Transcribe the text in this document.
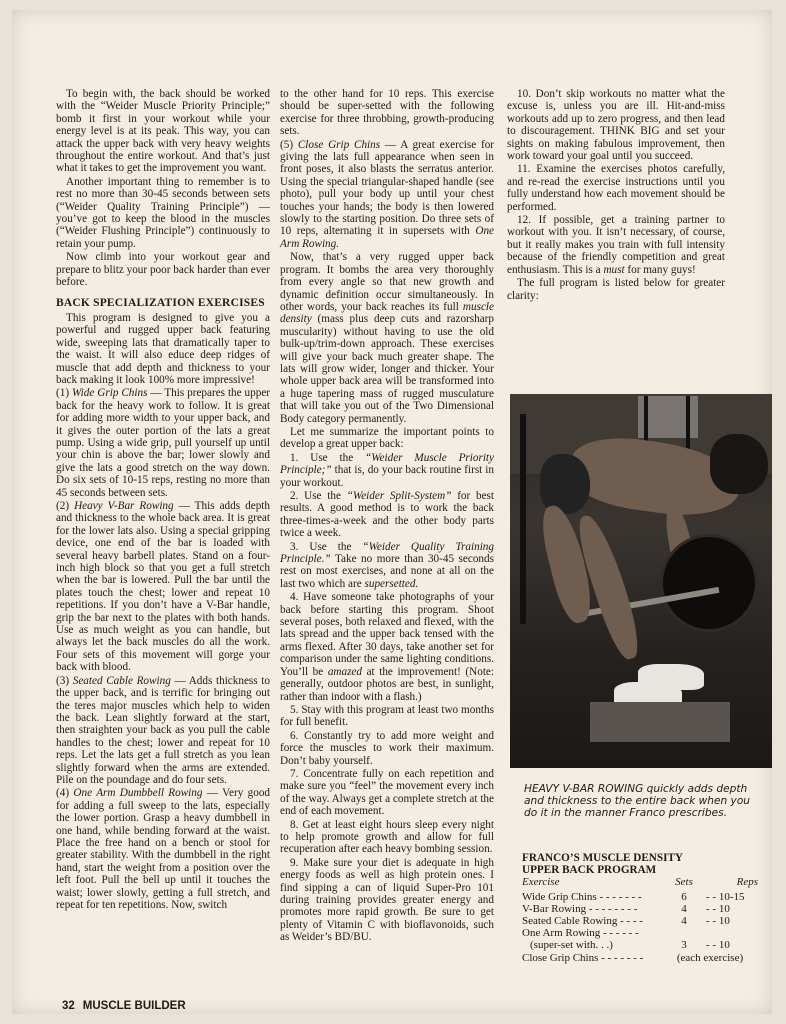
To begin with, the back should be worked with the “Weider Muscle Priority Principle;” bomb it first in your workout while your energy level is at its peak. This way, you can attack the upper back with very heavy weights throughout the entire workout. And that’s just what it takes to get the improvement you want.

Another important thing to remember is to rest no more than 30-45 seconds between sets (“Weider Quality Training Principle”) — you’ve got to keep the blood in the muscles (“Weider Flushing Principle”) continuously to retain your pump.

Now climb into your workout gear and prepare to blitz your poor back harder than ever before.

BACK SPECIALIZATION EXERCISES

This program is designed to give you a powerful and rugged upper back featuring wide, sweeping lats that dramatically taper to the waist. It will also educe deep ridges of muscle that add depth and thickness to your back making it look 100% more impressive!

(1) Wide Grip Chins — This prepares the upper back for the heavy work to follow. It is great for adding more width to your upper back, and it gives the outer portion of the lats a great pump. Using a wide grip, pull yourself up until your chin is above the bar; lower slowly and give the lats a good stretch on the way down. Do six sets of 10-15 reps, resting no more than 45 seconds between sets.

(2) Heavy V-Bar Rowing — This adds depth and thickness to the whole back area. It is great for the lower lats also. Using a special gripping device, one end of the bar is loaded with several heavy barbell plates. Stand on a four-inch high block so that you get a full stretch when the bar is lowered. Pull the bar until the plates touch the chest; lower and repeat 10 repetitions. If you don’t have a V-Bar handle, grip the bar next to the plates with both hands. Use as much weight as you can handle, but always let the back muscles do all the work. Four sets of this movement will gorge your back with blood.

(3) Seated Cable Rowing — Adds thickness to the upper back, and is terrific for bringing out the teres major muscles which help to widen the back. Lean slightly forward at the start, then straighten your back as you pull the cable handles to the chest; lower and repeat for 10 reps. Let the lats get a full stretch as you lean slightly forward when the arms are extended. Pile on the poundage and do four sets.

(4) One Arm Dumbbell Rowing — Very good for adding a full sweep to the lats, especially the lower portion. Grasp a heavy dumbbell in one hand, while bending forward at the waist. Place the free hand on a bench or stool for greater stability. With the dumbbell in the right hand, start the weight from a position over the left foot. Pull the bell up until it touches the waist; lower slowly, getting a full stretch, and repeat for ten repetitions. Now, switch

to the other hand for 10 reps. This exercise should be super-setted with the following exercise for three throbbing, growth-producing sets.

(5) Close Grip Chins — A great exercise for giving the lats full appearance when seen in front poses, it also blasts the serratus anterior. Using the special triangular-shaped handle (see photo), pull your body up until your chest touches your hands; the body is then lowered slowly to the starting position. Do three sets of 10 reps, alternating it in supersets with One Arm Rowing.

Now, that’s a very rugged upper back program. It bombs the area very thoroughly from every angle so that new growth and dynamic definition occur simultaneously. In other words, your back reaches its full muscle density (mass plus deep cuts and razorsharp muscularity) without having to use the old bulk-up/trim-down approach. These exercises will give your back much greater shape. The lats will grow wider, longer and thicker. Your whole upper back area will be transformed into a huge tapering mass of rugged musculature that will take you out of the Two Dimensional Body category permanently.

Let me summarize the important points to develop a great upper back:

1. Use the “Weider Muscle Priority Principle;” that is, do your back routine first in your workout.

2. Use the “Weider Split-System” for best results. A good method is to work the back three-times-a-week and the other body parts twice a week.

3. Use the “Weider Quality Training Principle.” Take no more than 30-45 seconds rest on most exercises, and none at all on the last two which are supersetted.

4. Have someone take photographs of your back before starting this program. Shoot several poses, both relaxed and flexed, with the lats spread and the upper back tensed with the arms flexed. After 30 days, take another set for comparison under the same lighting conditions. You’ll be amazed at the improvement! (Note: generally, outdoor photos are best, in sunlight, rather than indoor with a flash.)

5. Stay with this program at least two months for full benefit.

6. Constantly try to add more weight and force the muscles to work their maximum. Don’t baby yourself.

7. Concentrate fully on each repetition and make sure you “feel” the movement every inch of the way. Always get a complete stretch at the end of each movement.

8. Get at least eight hours sleep every night to help promote growth and allow for full recuperation after each heavy bombing session.

9. Make sure your diet is adequate in high energy foods as well as high protein ones. I find sipping a can of liquid Super-Pro 101 during training provides greater energy and promotes more rapid growth. Be sure to get plenty of Vitamin C with bioflavonoids, such as Weider’s BD/BU.

10. Don’t skip workouts no matter what the excuse is, unless you are ill. Hit-and-miss workouts add up to zero progress, and then lead to discouragement. THINK BIG and set your sights on making fabulous improvement, then work toward your goal until you succeed.

11. Examine the exercises photos carefully, and re-read the exercise instructions until you fully understand how each movement should be performed.

12. If possible, get a training partner to workout with you. It isn’t necessary, of course, but it really makes you train with full intensity because of the friendly competition and great enthusiasm. This is a must for many guys!

The full program is listed below for greater clarity:

HEAVY V-BAR ROWING quickly adds depth and thickness to the entire back when you do it in the manner Franco prescribes.
FRANCO’S MUSCLE DENSITY
UPPER BACK PROGRAM
Exercise	Sets	Reps
Wide Grip Chins - - - - - - -	6	- - 10-15
V-Bar Rowing - - - - - - - -	4	- - 10
Seated Cable Rowing - - - -	4	- - 10
One Arm Rowing - - - - - -		
(super-set with. . .)	3	- - 10
Close Grip Chins - - - - - - -	(each exercise)	
32 MUSCLE BUILDER
